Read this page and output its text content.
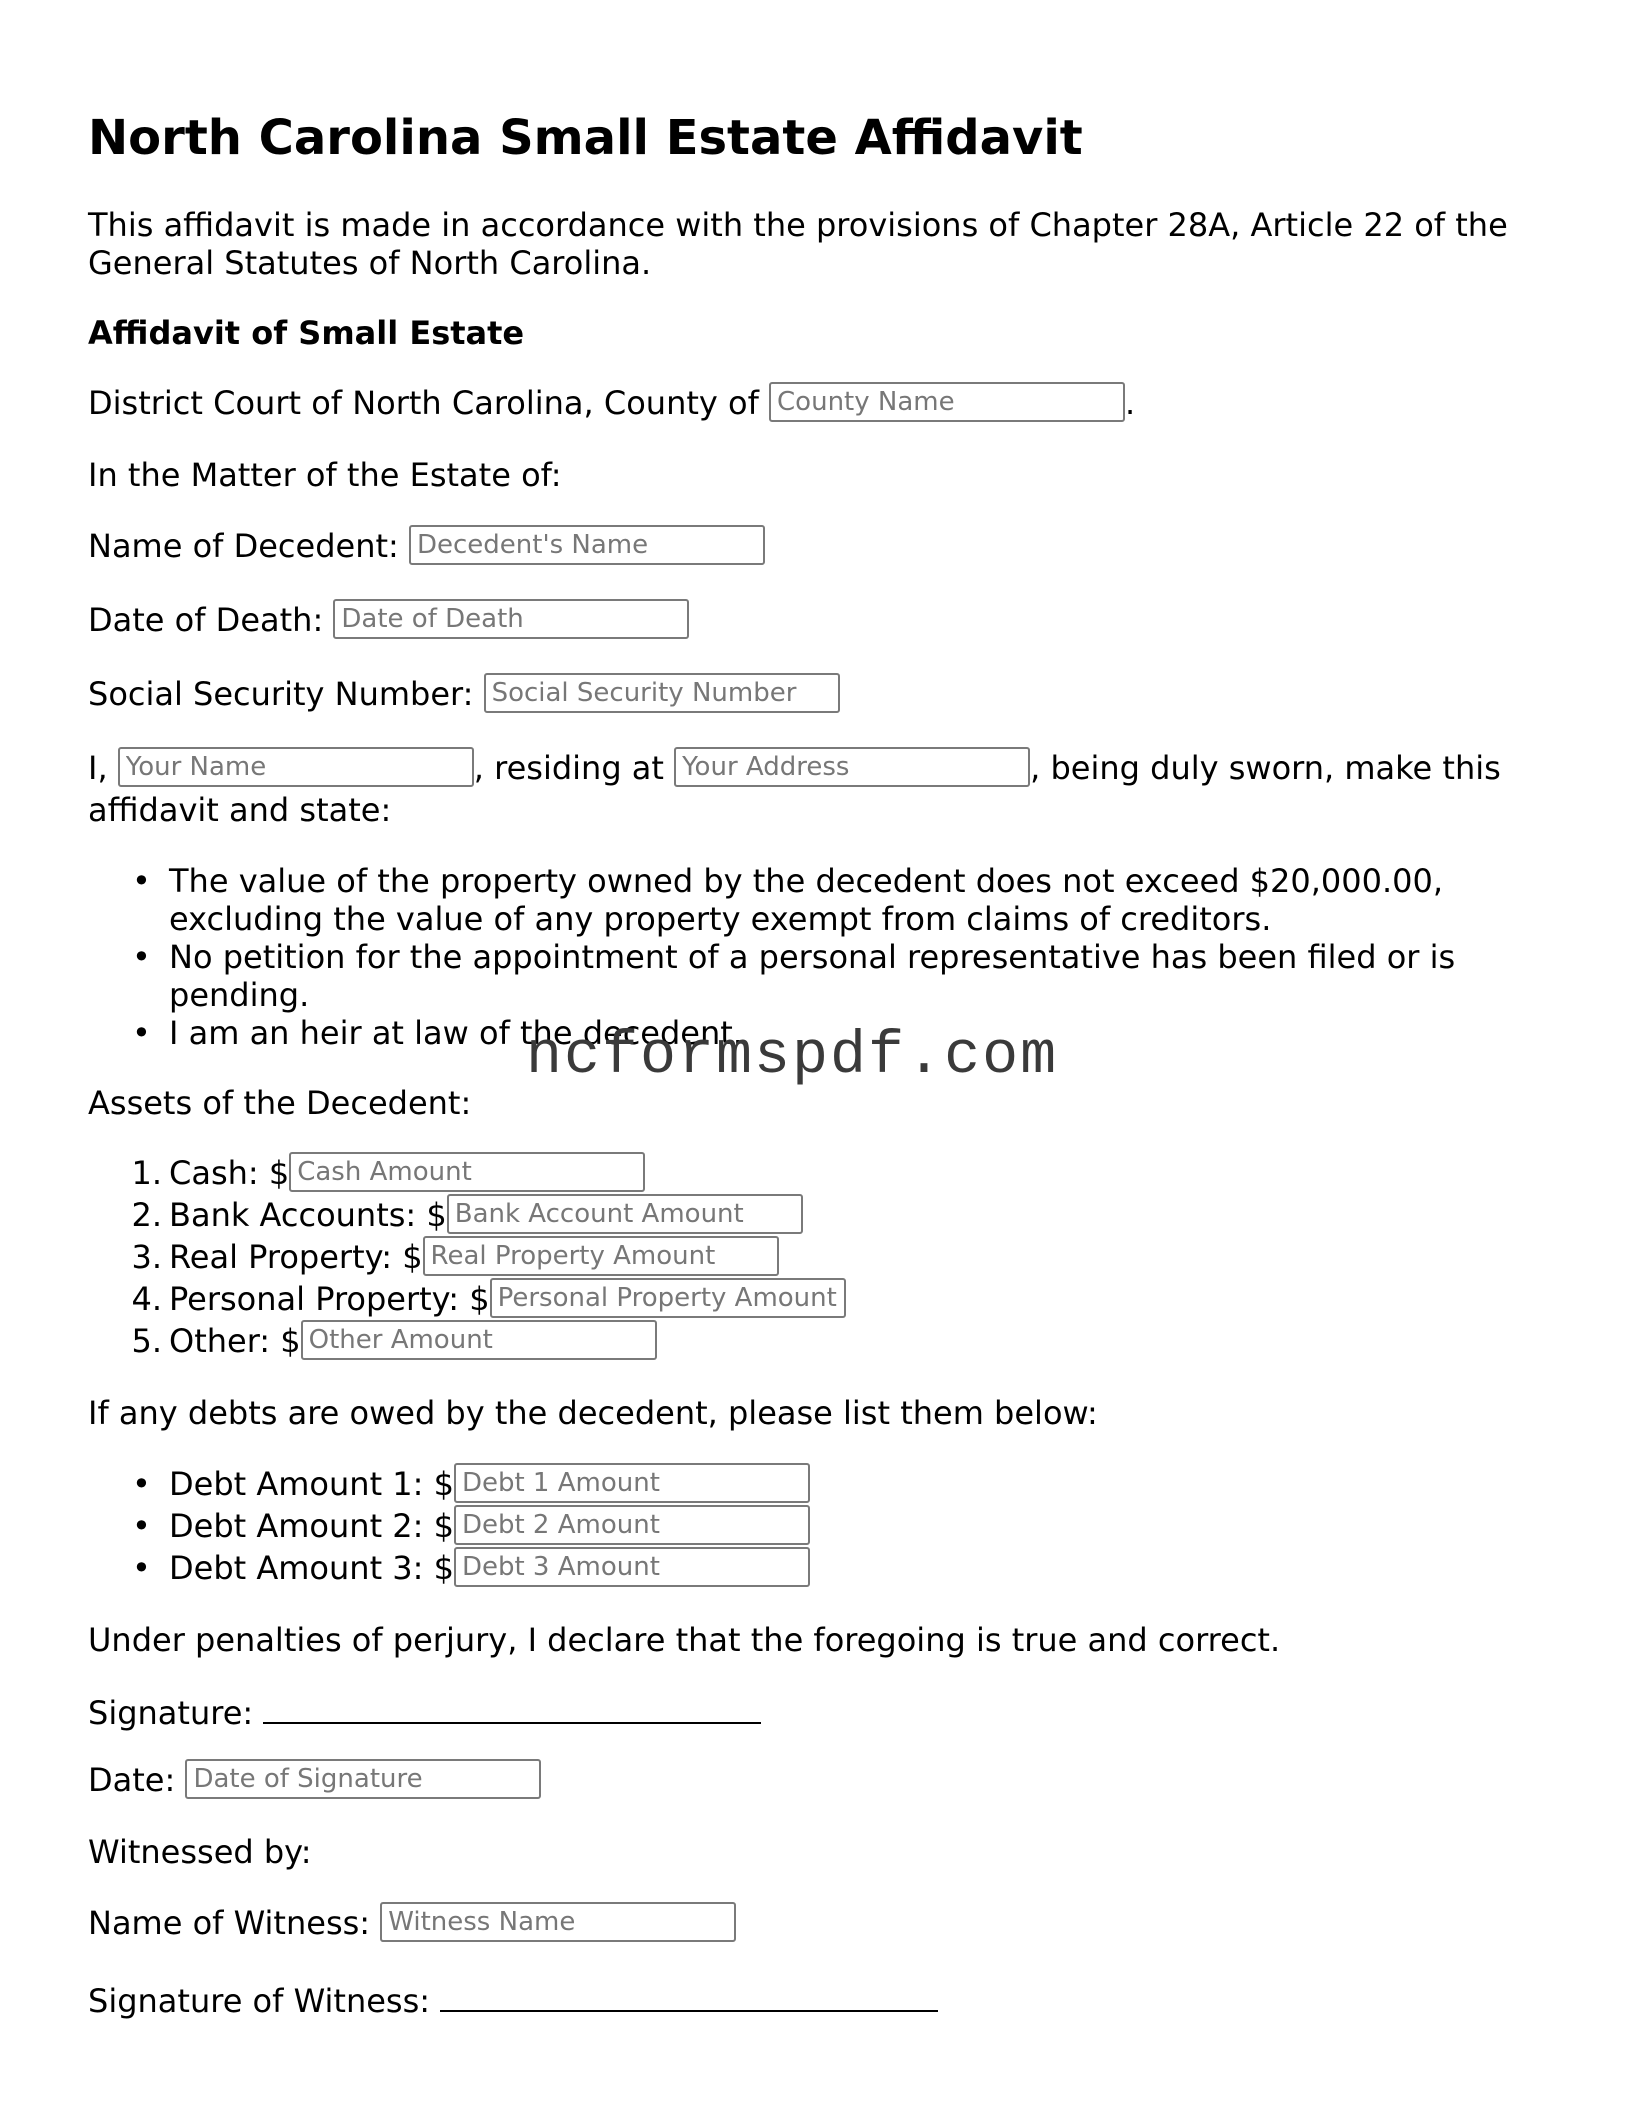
North Carolina Small Estate Affidavit
This affidavit is made in accordance with the provisions of Chapter 28A, Article 22 of the General Statutes of North Carolina.
Affidavit of Small Estate
District Court of North Carolina, County of County Name	.
In the Matter of the Estate of:
Name of Decedent: Decedent's Name
Date of Death: Date of Death
Social Security Number: Social Security Number
I, Your Name	, residing at Your Address	, being duly sworn, make this
affidavit and state:
• The value of the property owned by the decedent does not exceed $20,000.00,
excluding the value of any property exempt from claims of creditors.
• No petition for the appointment of a personal representative has been filed or is
pending.
• I am an heir at law of the decedent.
Assets of the Decedent:
1. Cash: $Cash Amount
2. Bank Accounts: $Bank Account Amount
3. Real Property: $Real Property Amount
4. Personal Property: $Personal Property Amount
5. Other: $Other Amount
If any debts are owed by the decedent, please list them below:
• Debt Amount 1: $Debt 1 Amount
• Debt Amount 2: $Debt 2 Amount
• Debt Amount 3: $Debt 3 Amount
Under penalties of perjury, I declare that the foregoing is true and correct.
Signature:
Date: Date of Signature
Witnessed by:
Name of Witness: Witness Name
Signature of Witness:
ncformspdf.com
